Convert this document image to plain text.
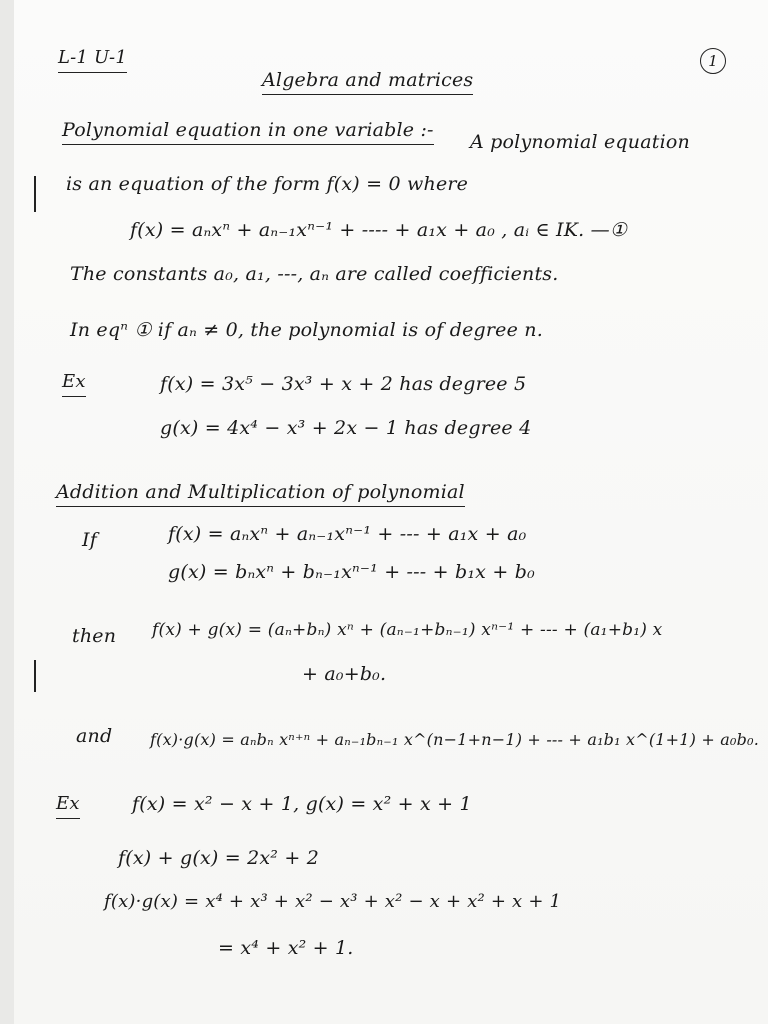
L-1 U-1
Algebra and matrices
1
Polynomial equation in one variable :-
A polynomial equation
is an equation of the form f(x) = 0 where
f(x) = aₙxⁿ + aₙ₋₁xⁿ⁻¹ + ---- + a₁x + a₀ , aᵢ ∈ IK. —①
The constants a₀, a₁, ---, aₙ are called coefficients.
In eqⁿ ① if aₙ ≠ 0, the polynomial is of degree n.
Ex	f(x) = 3x⁵ − 3x³ + x + 2 has degree 5
g(x) = 4x⁴ − x³ + 2x − 1 has degree 4
Addition and Multiplication of polynomial
If	f(x) = aₙxⁿ + aₙ₋₁xⁿ⁻¹ + --- + a₁x + a₀
g(x) = bₙxⁿ + bₙ₋₁xⁿ⁻¹ + --- + b₁x + b₀
then f(x) + g(x) = (aₙ+bₙ) xⁿ + (aₙ₋₁+bₙ₋₁) xⁿ⁻¹ + --- + (a₁+b₁) x
+ a₀+b₀.
and f(x)·g(x) = aₙbₙ xⁿ⁺ⁿ + aₙ₋₁bₙ₋₁ x^(n−1+n−1) + --- + a₁b₁ x^(1+1) + a₀b₀.
Ex	f(x) = x² − x + 1, g(x) = x² + x + 1
f(x) + g(x) = 2x² + 2
f(x)·g(x) = x⁴ + x³ + x² − x³ + x² − x + x² + x + 1
= x⁴ + x² + 1.
